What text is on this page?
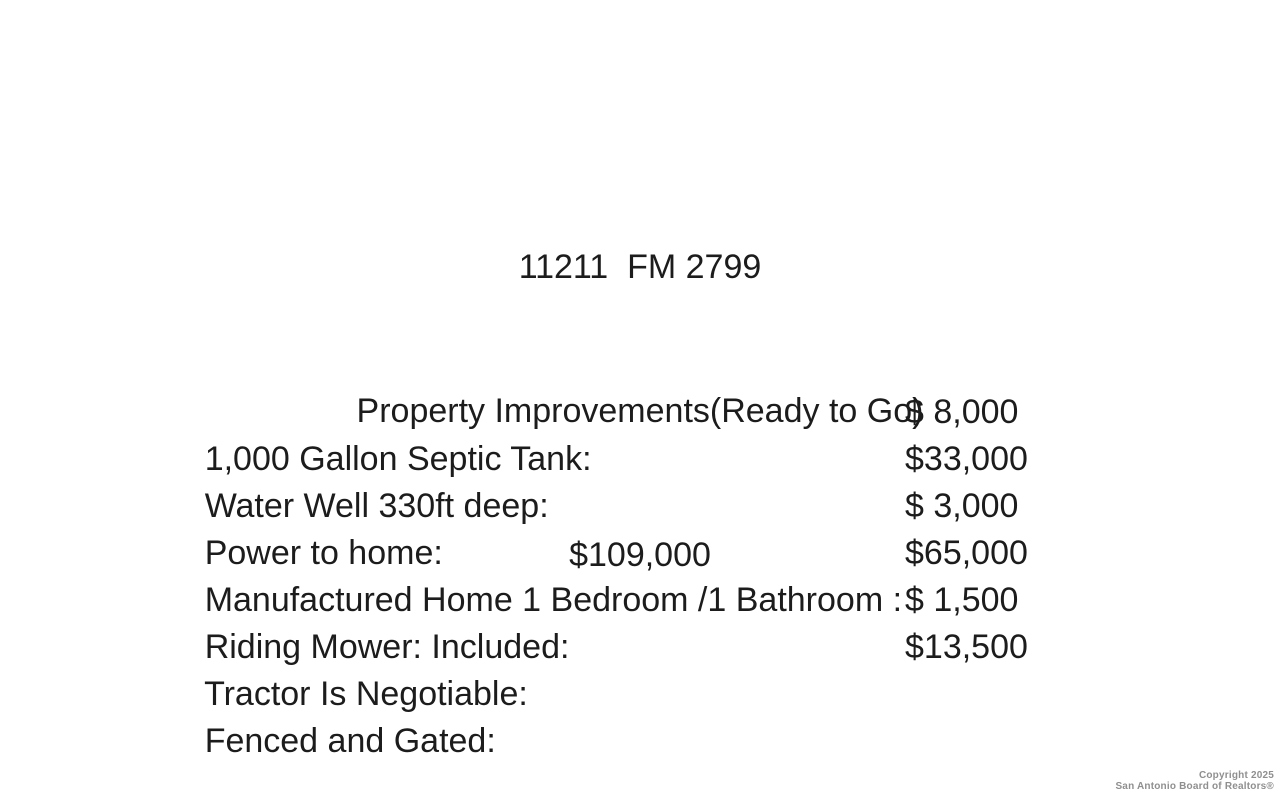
11211  FM 2799

Property Improvements(Ready to Go)

$109,000

1,000 Gallon Septic Tank:

$ 8,000

Water Well 330ft deep:

$33,000

Power to home:

$ 3,000

Manufactured Home 1 Bedroom /1 Bathroom :

$65,000

Riding Mower: Included:

$ 1,500

Tractor Is Negotiable:

$13,500

Fenced and Gated:

Copyright 2025
San Antonio Board of Realtors®
